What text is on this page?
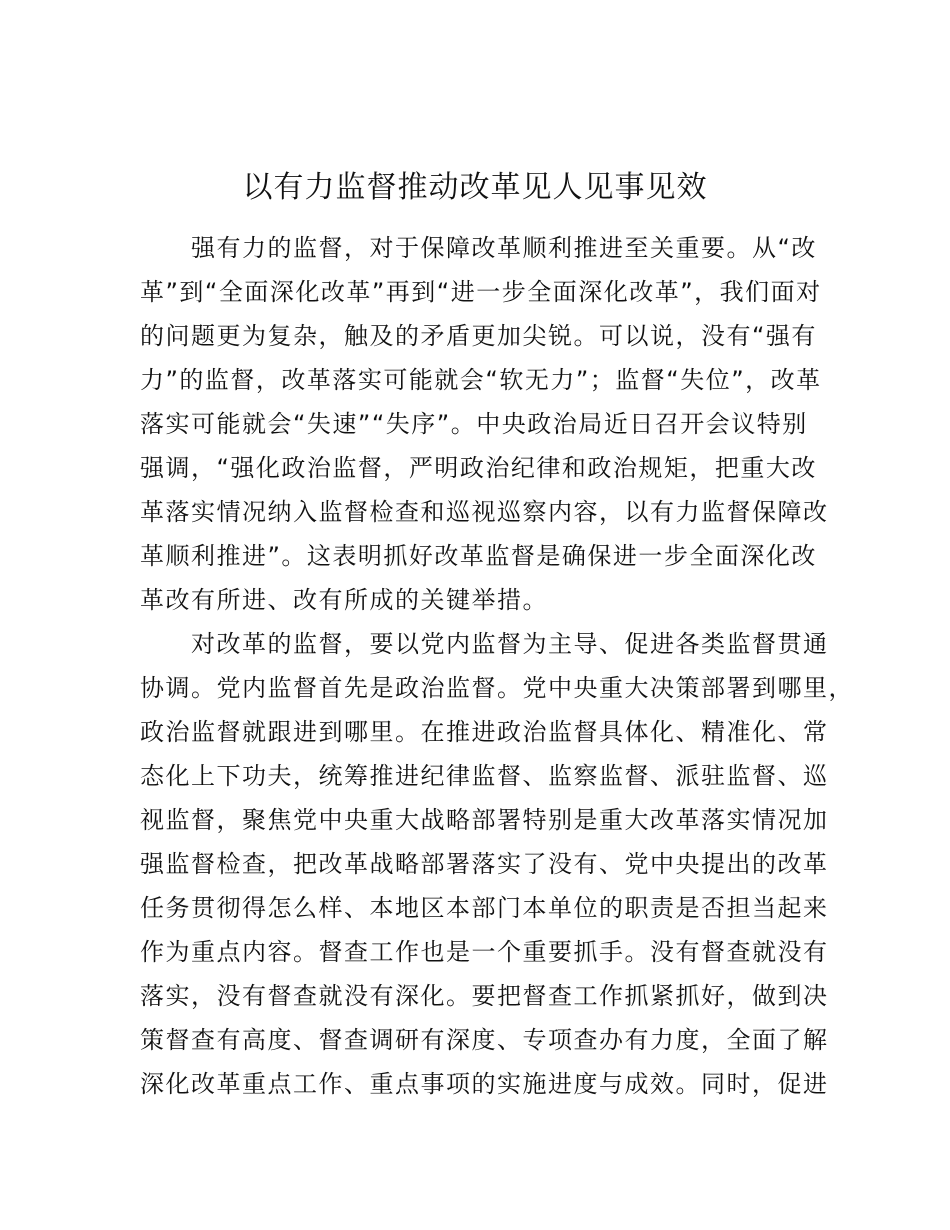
以有力监督推动改革见人见事见效
　　强有力的监督，对于保障改革顺利推进至关重要。从“改
革”到“全面深化改革”再到“进一步全面深化改革”，我们面对
的问题更为复杂，触及的矛盾更加尖锐。可以说，没有“强有
力”的监督，改革落实可能就会“软无力”；监督“失位”，改革
落实可能就会“失速”“失序”。中央政治局近日召开会议特别
强调，“强化政治监督，严明政治纪律和政治规矩，把重大改
革落实情况纳入监督检查和巡视巡察内容，以有力监督保障改
革顺利推进”。这表明抓好改革监督是确保进一步全面深化改
革改有所进、改有所成的关键举措。
　　对改革的监督，要以党内监督为主导、促进各类监督贯通
协调。党内监督首先是政治监督。党中央重大决策部署到哪里，
政治监督就跟进到哪里。在推进政治监督具体化、精准化、常
态化上下功夫，统筹推进纪律监督、监察监督、派驻监督、巡
视监督，聚焦党中央重大战略部署特别是重大改革落实情况加
强监督检查，把改革战略部署落实了没有、党中央提出的改革
任务贯彻得怎么样、本地区本部门本单位的职责是否担当起来
作为重点内容。督查工作也是一个重要抓手。没有督查就没有
落实，没有督查就没有深化。要把督查工作抓紧抓好，做到决
策督查有高度、督查调研有深度、专项查办有力度，全面了解
深化改革重点工作、重点事项的实施进度与成效。同时，促进
